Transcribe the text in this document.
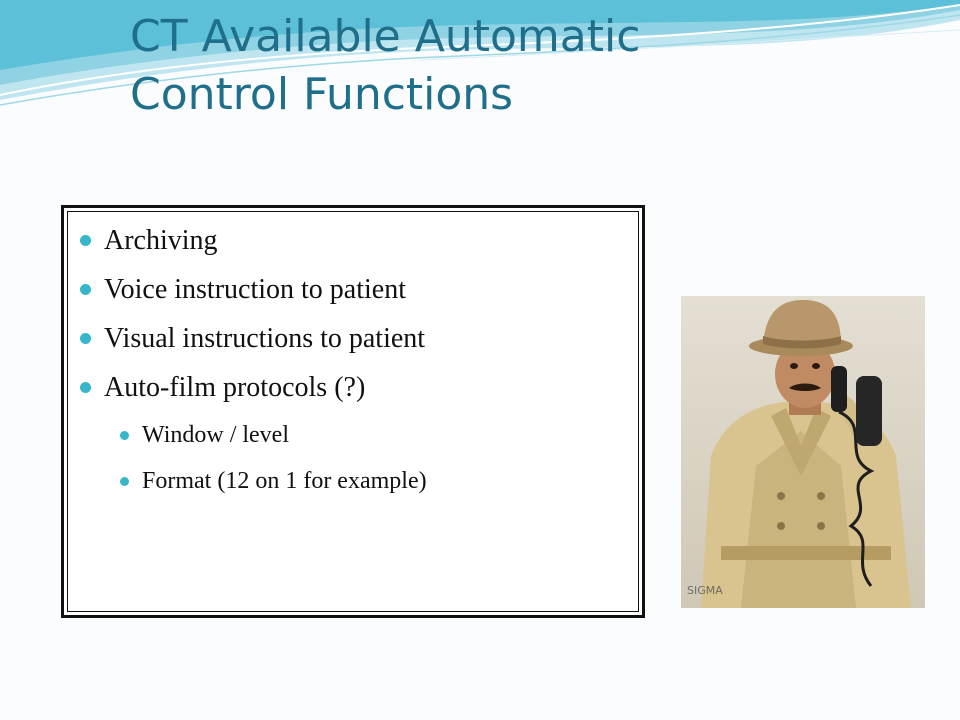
CT Available Automatic
Control Functions
Archiving
Voice instruction to patient
Visual instructions to patient
Auto-film protocols (?)
Window / level
Format (12 on 1 for example)
SIGMA
